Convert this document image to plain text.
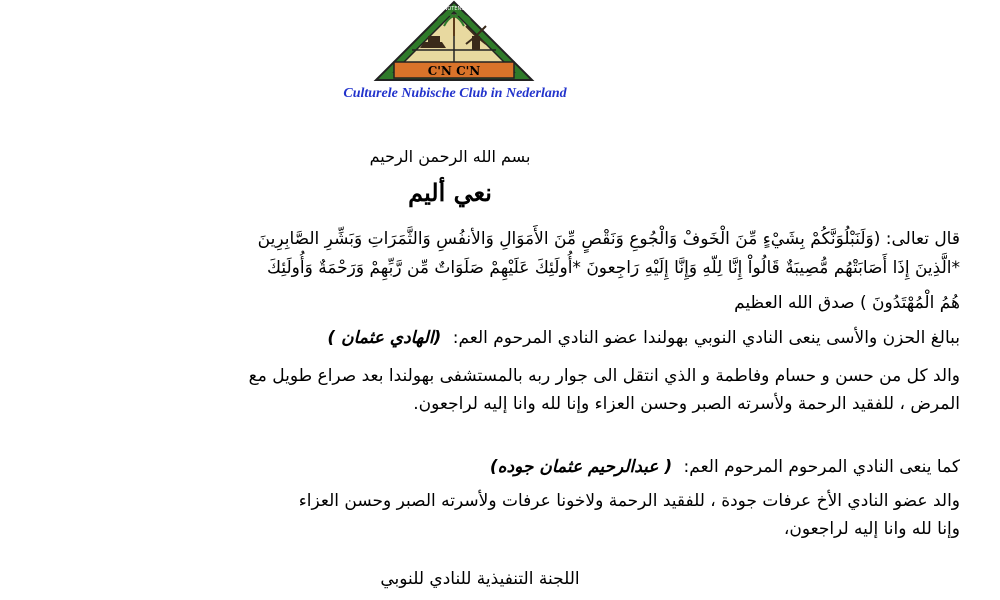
NOTENS
C'N C'N
Culturele Nubische Club in Nederland
بسم الله الرحمن الرحيم
نعي أليم
قال تعالى: (وَلَنَبْلُوَنَّكُمْ بِشَيْءٍ مِّنَ الْخَوفْ وَالْجُوعِ وَنَقْصٍ مِّنَ الأَمَوَالِ وَالأنفُسِ وَالثَّمَرَاتِ وَبَشِّرِ الصَّابِرِينَ
*الَّذِينَ إِذَا أَصَابَتْهُم مُّصِيبَةٌ قَالُواْ إِنَّا لِلّهِ وَإِنَّا إِلَيْهِ رَاجِعونَ *أُولَئِكَ عَلَيْهِمْ صَلَوَاتٌ مِّن رَّبِّهِمْ وَرَحْمَةٌ وَأُولَئِكَ
هُمُ الْمُهْتَدُونَ ) صدق الله العظيم
ببالغ الحزن والأسى ينعى النادي النوبي بهولندا عضو النادي المرحوم العم: (الهادي عثمان )
والد كل من حسن و حسام وفاطمة و الذي انتقل الى جوار ربه بالمستشفى بهولندا بعد صراع طويل مع
المرض ، للفقيد الرحمة ولأسرته الصبر وحسن العزاء وإنا لله وانا إليه لراجعون.
كما ينعى النادي المرحوم المرحوم العم: ( عبدالرحيم عثمان جوده)
والد عضو النادي الأخ عرفات جودة ، للفقيد الرحمة ولاخونا عرفات ولأسرته الصبر وحسن العزاء
وإنا لله وانا إليه لراجعون،
اللجنة التنفيذية للنادي للنوبي
